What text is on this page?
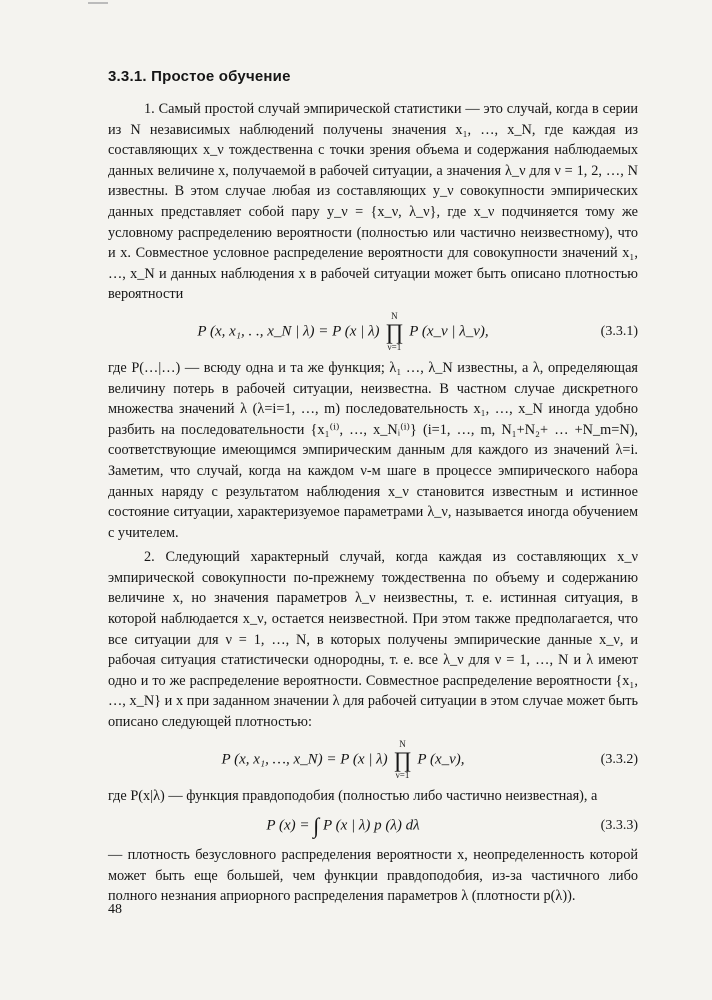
3.3.1. Простое обучение

1. Самый простой случай эмпирической статистики — это случай, когда в серии из N независимых наблюдений получены значения x₁, …, x_N, где каждая из составляющих x_ν тождественна с точки зрения объема и содержания наблюдаемых данных величине x, получаемой в рабочей ситуации, а значения λ_ν для ν = 1, 2, …, N известны. В этом случае любая из составляющих y_ν совокупности эмпирических данных представляет собой пару y_ν = {x_ν, λ_ν}, где x_ν подчиняется тому же условному распределению вероятности (полностью или частично неизвестному), что и x. Совместное условное распределение вероятности для совокупности значений x₁, …, x_N и данных наблюдения x в рабочей ситуации может быть описано плотностью вероятности

P (x, x₁, . ., x_N | λ) = P (x | λ)
N
∏
ν=1
P (x_ν | λ_ν),	(3.3.1)

где P(…|…) — всюду одна и та же функция; λ₁ …, λ_N известны, а λ, определяющая величину потерь в рабочей ситуации, неизвестна. В частном случае дискретного множества значений λ (λ=i=1, …, m) последовательность x₁, …, x_N иногда удобно разбить на последовательности {x₁⁽ⁱ⁾, …, x_Nᵢ⁽ⁱ⁾} (i=1, …, m, N₁+N₂+ … +N_m=N), соответствующие имеющимся эмпирическим данным для каждого из значений λ=i. Заметим, что случай, когда на каждом ν-м шаге в процессе эмпирического набора данных наряду с результатом наблюдения x_ν становится известным и истинное состояние ситуации, характеризуемое параметрами λ_ν, называется иногда обучением с учителем.

2. Следующий характерный случай, когда каждая из составляющих x_ν эмпирической совокупности по-прежнему тождественна по объему и содержанию величине x, но значения параметров λ_ν неизвестны, т. е. истинная ситуация, в которой наблюдается x_ν, остается неизвестной. При этом также предполагается, что все ситуации для ν = 1, …, N, в которых получены эмпирические данные x_ν, и рабочая ситуация статистически однородны, т. е. все λ_ν для ν = 1, …, N и λ имеют одно и то же распределение вероятности. Совместное распределение вероятности {x₁, …, x_N} и x при заданном значении λ для рабочей ситуации в этом случае может быть описано следующей плотностью:

P (x, x₁, …, x_N) = P (x | λ)
N
∏
ν=1
P (x_ν),	(3.3.2)

где P(x|λ) — функция правдоподобия (полностью либо частично неизвестная), а

P (x) = ∫ P (x | λ) p (λ) dλ	(3.3.3)

— плотность безусловного распределения вероятности x, неопределенность которой может быть еще большей, чем функции правдоподобия, из-за частичного либо полного незнания априорного распределения параметров λ (плотности p(λ)).

48
